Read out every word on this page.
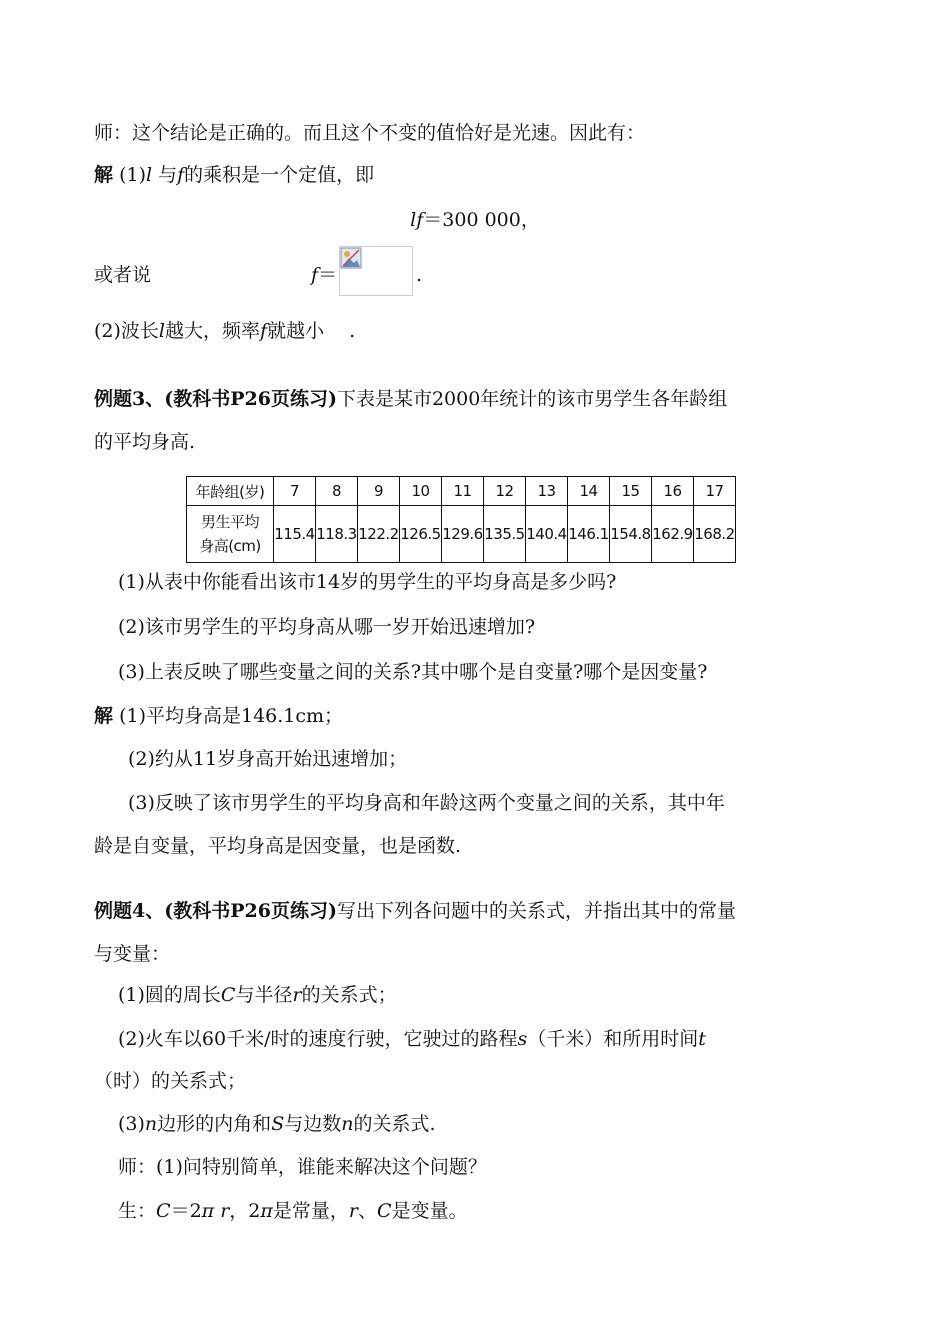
师：这个结论是正确的。而且这个不变的值恰好是光速。因此有：
解 (1)l 与f的乘积是一个定值，即
lf＝300 000，
或者说	f＝	.
(2)波长l越大，频率f就越小　 .
例题3、(教科书P26页练习)下表是某市2000年统计的该市男学生各年龄组
的平均身高.
年龄组(岁)	7	8	9	10	11	12	13	14	15	16	17
男生平均
身高(cm)	115.4	118.3	122.2	126.5	129.6	135.5	140.4	146.1	154.8	162.9	168.2
(1)从表中你能看出该市14岁的男学生的平均身高是多少吗?
(2)该市男学生的平均身高从哪一岁开始迅速增加?
(3)上表反映了哪些变量之间的关系?其中哪个是自变量?哪个是因变量?
解 (1)平均身高是146.1cm；
(2)约从11岁身高开始迅速增加；
(3)反映了该市男学生的平均身高和年龄这两个变量之间的关系，其中年
龄是自变量，平均身高是因变量，也是函数.
例题4、(教科书P26页练习)写出下列各问题中的关系式，并指出其中的常量
与变量：
(1)圆的周长C与半径r的关系式；
(2)火车以60千米/时的速度行驶，它驶过的路程s（千米）和所用时间t
（时）的关系式；
(3)n边形的内角和S与边数n的关系式.
师：(1)问特别简单，谁能来解决这个问题？
生：C＝2π r，2π是常量，r、C是变量。
